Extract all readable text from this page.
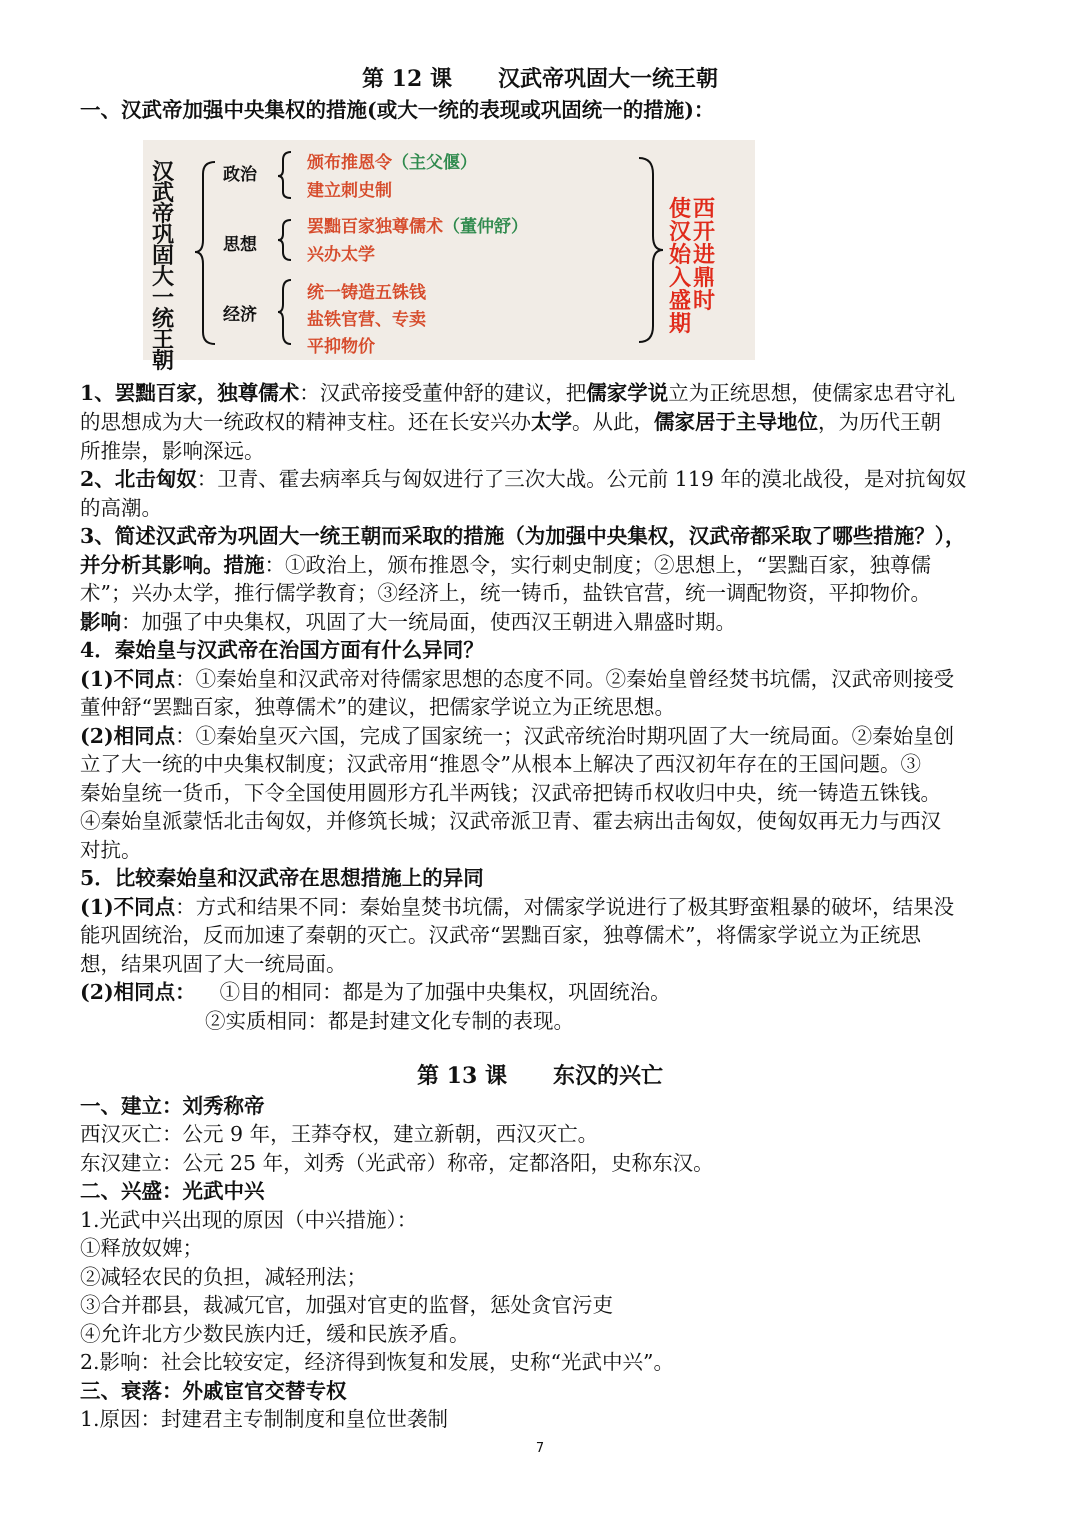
第 12 课 汉武帝巩固大一统王朝
一、汉武帝加强中央集权的措施(或大一统的表现或巩固统一的措施)：
汉武帝巩固大一统王朝
政治
思想
经济
颁布推恩令（主父偃）
建立刺史制
罢黜百家独尊儒术（董仲舒）
兴办太学
统一铸造五铢钱
盐铁官营、专卖
平抑物价
使西汉开始进入鼎盛时期
1、罢黜百家，独尊儒术：汉武帝接受董仲舒的建议，把儒家学说立为正统思想，使儒家忠君守礼
的思想成为大一统政权的精神支柱。还在长安兴办太学。从此，儒家居于主导地位，为历代王朝
所推崇，影响深远。
2、北击匈奴：卫青、霍去病率兵与匈奴进行了三次大战。公元前 119 年的漠北战役，是对抗匈奴
的高潮。
3、简述汉武帝为巩固大一统王朝而采取的措施（为加强中央集权，汉武帝都采取了哪些措施？），
并分析其影响。措施：①政治上，颁布推恩令，实行刺史制度；②思想上，“罢黜百家，独尊儒
术”；兴办太学，推行儒学教育；③经济上，统一铸币，盐铁官营，统一调配物资，平抑物价。
影响：加强了中央集权，巩固了大一统局面，使西汉王朝进入鼎盛时期。
4．秦始皇与汉武帝在治国方面有什么异同？
(1)不同点：①秦始皇和汉武帝对待儒家思想的态度不同。②秦始皇曾经焚书坑儒，汉武帝则接受
董仲舒“罢黜百家，独尊儒术”的建议，把儒家学说立为正统思想。
(2)相同点：①秦始皇灭六国，完成了国家统一；汉武帝统治时期巩固了大一统局面。②秦始皇创
立了大一统的中央集权制度；汉武帝用“推恩令”从根本上解决了西汉初年存在的王国问题。③
秦始皇统一货币，下令全国使用圆形方孔半两钱；汉武帝把铸币权收归中央，统一铸造五铢钱。
④秦始皇派蒙恬北击匈奴，并修筑长城；汉武帝派卫青、霍去病出击匈奴，使匈奴再无力与西汉
对抗。
5．比较秦始皇和汉武帝在思想措施上的异同
(1)不同点：方式和结果不同：秦始皇焚书坑儒，对儒家学说进行了极其野蛮粗暴的破坏，结果没
能巩固统治，反而加速了秦朝的灭亡。汉武帝“罢黜百家，独尊儒术”，将儒家学说立为正统思
想，结果巩固了大一统局面。
(2)相同点： ①目的相同：都是为了加强中央集权，巩固统治。
②实质相同：都是封建文化专制的表现。
第 13 课 东汉的兴亡
一、建立：刘秀称帝
西汉灭亡：公元 9 年，王莽夺权，建立新朝，西汉灭亡。
东汉建立：公元 25 年，刘秀（光武帝）称帝，定都洛阳，史称东汉。
二、兴盛：光武中兴
1.光武中兴出现的原因（中兴措施）：
①释放奴婢；
②减轻农民的负担，减轻刑法；
③合并郡县，裁减冗官，加强对官吏的监督，惩处贪官污吏
④允许北方少数民族内迁，缓和民族矛盾。
2.影响：社会比较安定，经济得到恢复和发展，史称“光武中兴”。
三、衰落：外戚宦官交替专权
1.原因：封建君主专制制度和皇位世袭制
7
